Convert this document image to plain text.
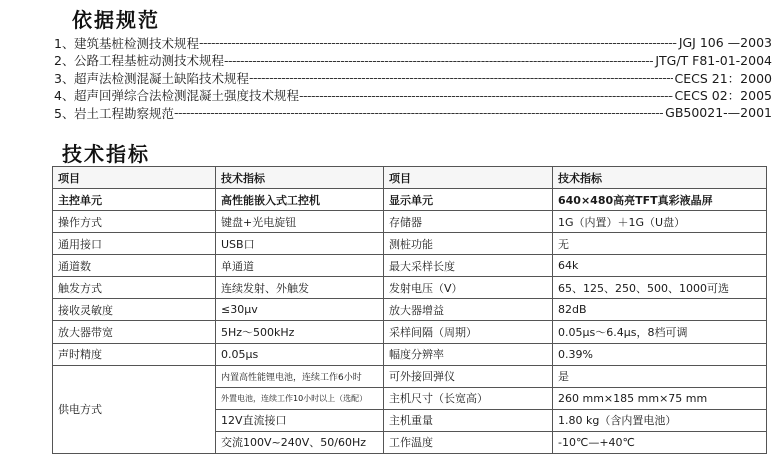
依据规范
1、 建筑基桩检测技术规程 -----	JGJ 106 —2003
2、 公路工程基桩动测技术规程 -----	JTG/T F81-01-2004
3、 超声法检测混凝土缺陷技术规程 -----	CECS 21：2000
4、 超声回弹综合法检测混凝土强度技术规程 -----	CECS 02：2005
5、 岩土工程勘察规范 -----	GB50021-—2001
技术指标
项目	技术指标	项目	技术指标
主控单元	高性能嵌入式工控机	显示单元	640×480高亮TFT真彩液晶屏
操作方式	键盘+光电旋钮	存储器	1G（内置）＋1G（U盘）
通用接口	USB口	测桩功能	无
通道数	单通道	最大采样长度	64k
触发方式	连续发射、外触发	发射电压（V）	65、125、250、500、1000可选
接收灵敏度	≤30μv	放大器增益	82dB
放大器带宽	5Hz～500kHz	采样间隔（周期）	0.05μs～6.4μs，8档可调
声时精度	0.05μs	幅度分辨率	0.39%
供电方式	内置高性能锂电池，连续工作6小时	可外接回弹仪	是
	外置电池，连续工作10小时以上（选配）	主机尺寸（长宽高）	260 mm×185 mm×75 mm
	12V直流接口	主机重量	1.80 kg（含内置电池）
	交流100V~240V、50/60Hz	工作温度	-10℃—+40℃
